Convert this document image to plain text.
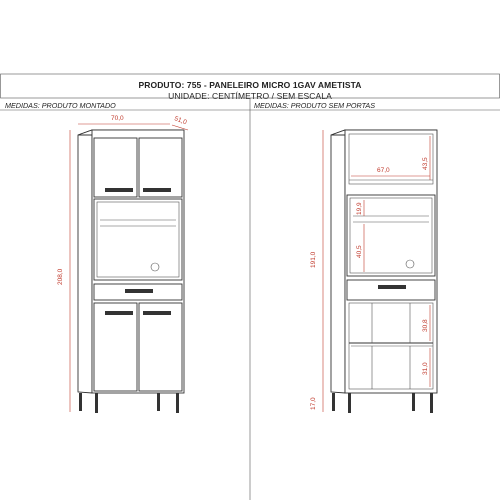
PRODUTO: 755 - PANELEIRO MICRO 1GAV AMETISTA
UNIDADE: CENTÍMETRO / SEM ESCALA
MEDIDAS: PRODUTO MONTADO	MEDIDAS: PRODUTO SEM PORTAS
70,0	51,0
208,0
191,0
17,0
67,0
43,5
19,9
40,5
30,8
31,0
